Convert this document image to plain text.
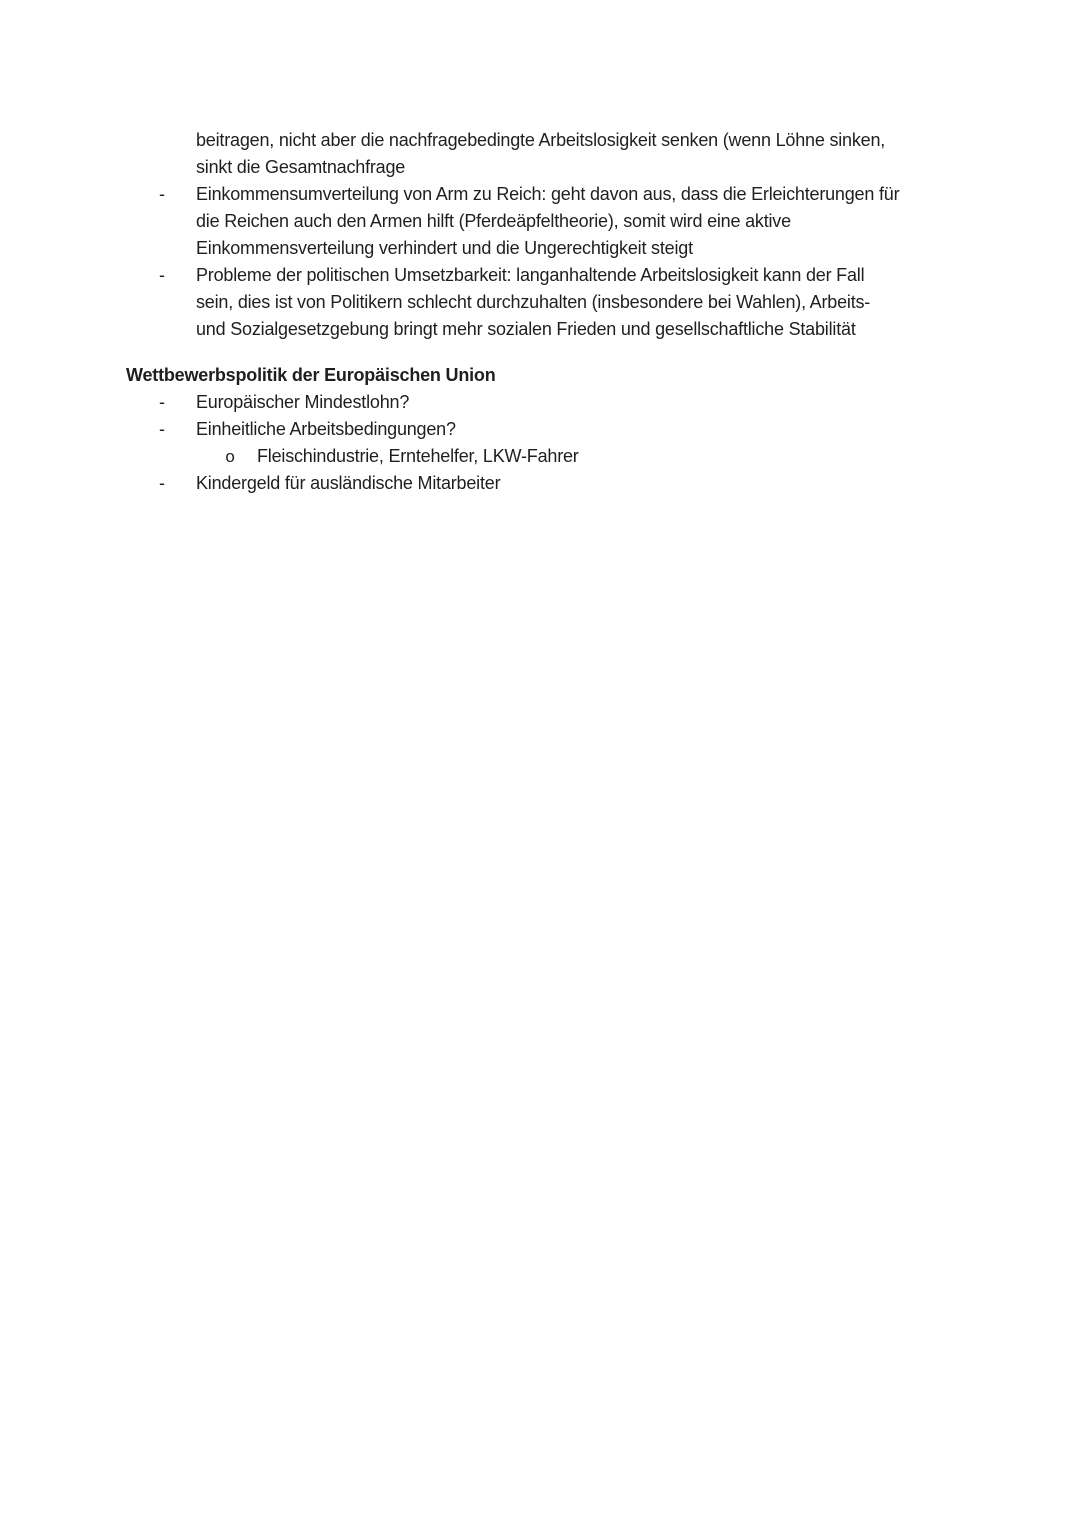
beitragen, nicht aber die nachfragebedingte Arbeitslosigkeit senken (wenn Löhne sinken,
sinkt die Gesamtnachfrage
- Einkommensumverteilung von Arm zu Reich: geht davon aus, dass die Erleichterungen für
die Reichen auch den Armen hilft (Pferdeäpfeltheorie), somit wird eine aktive
Einkommensverteilung verhindert und die Ungerechtigkeit steigt
- Probleme der politischen Umsetzbarkeit: langanhaltende Arbeitslosigkeit kann der Fall
sein, dies ist von Politikern schlecht durchzuhalten (insbesondere bei Wahlen), Arbeits-
und Sozialgesetzgebung bringt mehr sozialen Frieden und gesellschaftliche Stabilität
Wettbewerbspolitik der Europäischen Union
- Europäischer Mindestlohn?
- Einheitliche Arbeitsbedingungen?
o Fleischindustrie, Erntehelfer, LKW-Fahrer
- Kindergeld für ausländische Mitarbeiter
